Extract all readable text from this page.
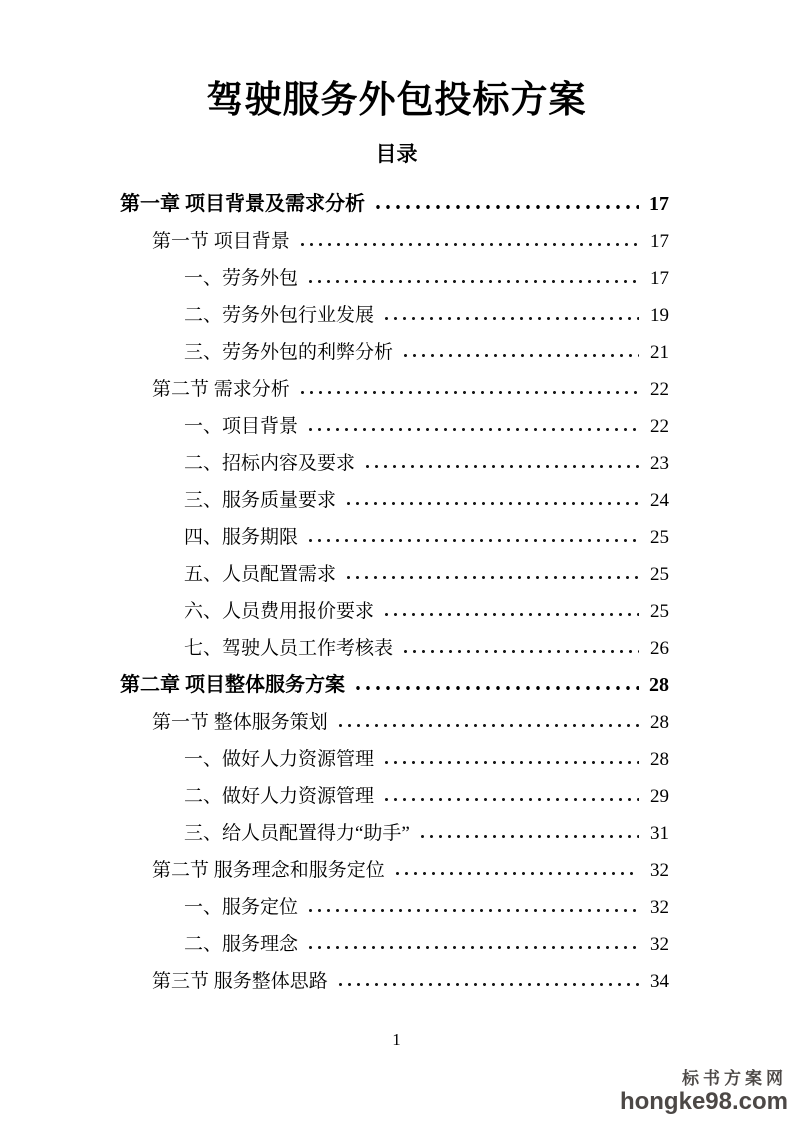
驾驶服务外包投标方案
目录
第一章 项目背景及需求分析	17
第一节 项目背景	17
一、劳务外包	17
二、劳务外包行业发展	19
三、劳务外包的利弊分析	21
第二节 需求分析	22
一、项目背景	22
二、招标内容及要求	23
三、服务质量要求	24
四、服务期限	25
五、人员配置需求	25
六、人员费用报价要求	25
七、驾驶人员工作考核表	26
第二章 项目整体服务方案	28
第一节 整体服务策划	28
一、做好人力资源管理	28
二、做好人力资源管理	29
三、给人员配置得力“助手”	31
第二节 服务理念和服务定位	32
一、服务定位	32
二、服务理念	32
第三节 服务整体思路	34
1
标书方案网
hongke98.com
